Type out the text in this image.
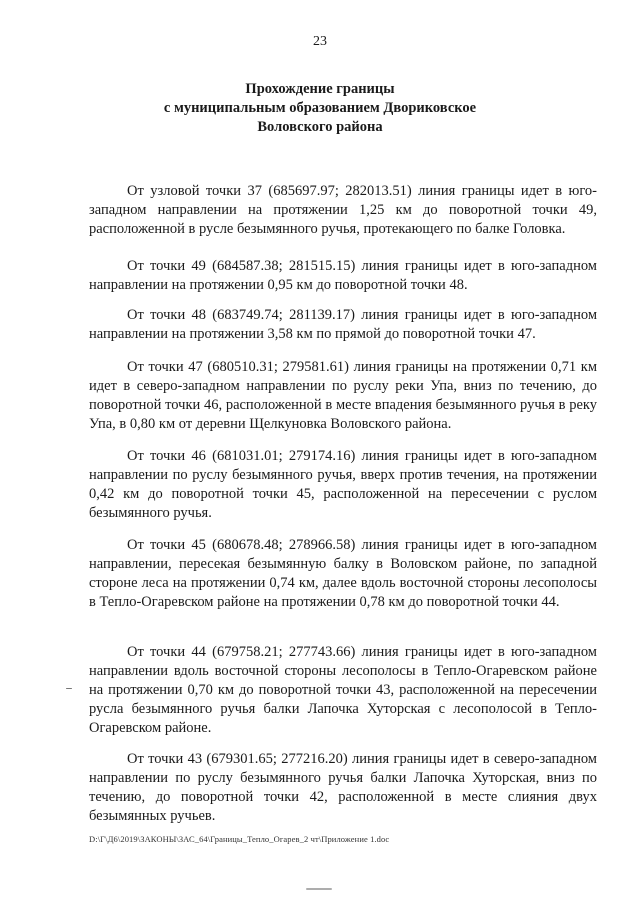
23
Прохождение границы
с муниципальным образованием Двориковское
Воловского района

От узловой точки 37 (685697.97; 282013.51) линия границы идет в юго-западном направлении на протяжении 1,25 км до поворотной точки 49, расположенной в русле безымянного ручья, протекающего по балке Головка.

От точки 49 (684587.38; 281515.15) линия границы идет в юго-западном направлении на протяжении 0,95 км до поворотной точки 48.

От точки 48 (683749.74; 281139.17) линия границы идет в юго-западном направлении на протяжении 3,58 км по прямой до поворотной точки 47.

От точки 47 (680510.31; 279581.61) линия границы на протяжении 0,71 км идет в северо-западном направлении по руслу реки Упа, вниз по течению, до поворотной точки 46, расположенной в месте впадения безымянного ручья в реку Упа, в 0,80 км от деревни Щелкуновка Воловского района.

От точки 46 (681031.01; 279174.16) линия границы идет в юго-западном направлении по руслу безымянного ручья, вверх против течения, на протяжении 0,42 км до поворотной точки 45, расположенной на пересечении с руслом безымянного ручья.

От точки 45 (680678.48; 278966.58) линия границы идет в юго-западном направлении, пересекая безымянную балку в Воловском районе, по западной стороне леса на протяжении 0,74 км, далее вдоль восточной стороны лесополосы в Тепло-Огаревском районе на протяжении 0,78 км до поворотной точки 44.

От точки 44 (679758.21; 277743.66) линия границы идет в юго-западном направлении вдоль восточной стороны лесополосы в Тепло-Огаревском районе на протяжении 0,70 км до поворотной точки 43, расположенной на пересечении русла безымянного ручья балки Лапочка Хуторская с лесополосой в Тепло-Огаревском районе.

От точки 43 (679301.65; 277216.20) линия границы идет в северо-западном направлении по руслу безымянного ручья балки Лапочка Хуторская, вниз по течению, до поворотной точки 42, расположенной в месте слияния двух безымянных ручьев.

D:\Г\Д6\2019\ЗАКОНЫ\ЗАС_64\Границы_Тепло_Огарев_2 чт\Приложение 1.doc
